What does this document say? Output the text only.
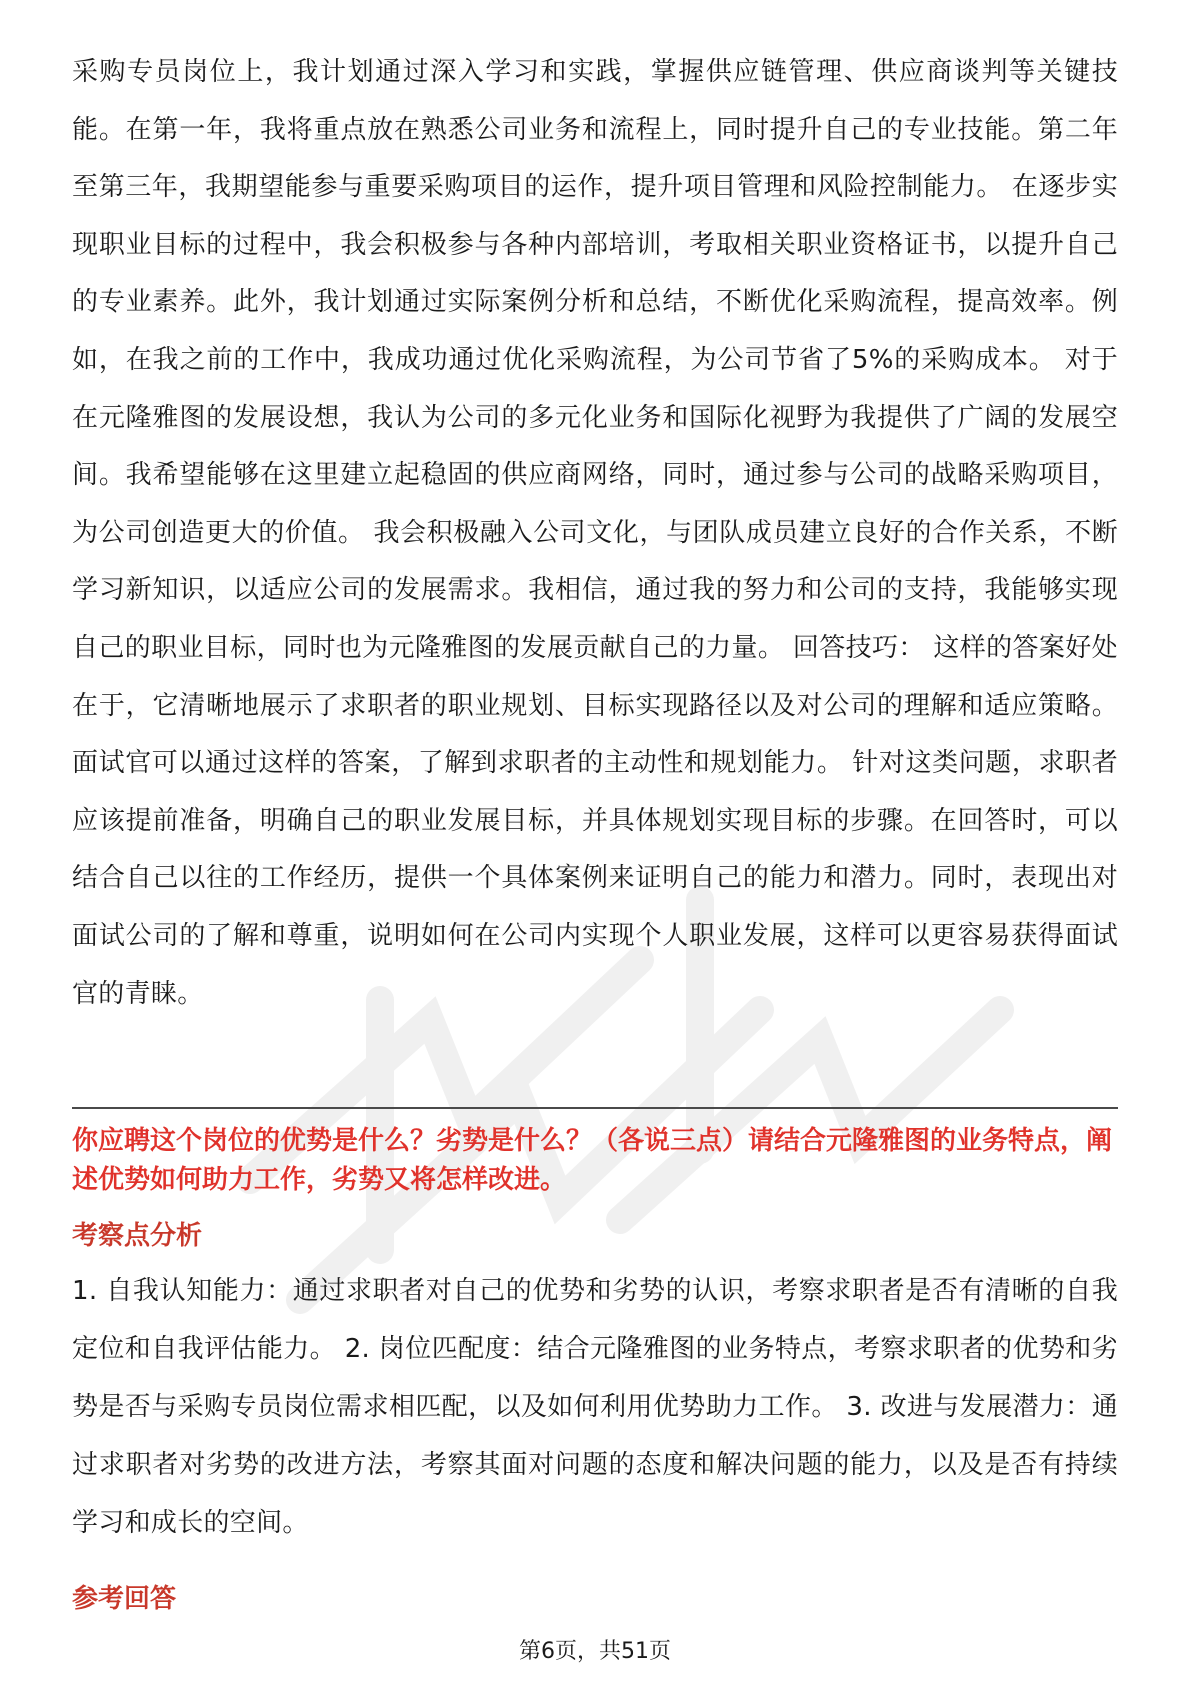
采购专员岗位上，我计划通过深入学习和实践，掌握供应链管理、供应商谈判等关键技能。在第一年，我将重点放在熟悉公司业务和流程上，同时提升自己的专业技能。第二年至第三年，我期望能参与重要采购项目的运作，提升项目管理和风险控制能力。 在逐步实现职业目标的过程中，我会积极参与各种内部培训，考取相关职业资格证书，以提升自己的专业素养。此外，我计划通过实际案例分析和总结，不断优化采购流程，提高效率。例如，在我之前的工作中，我成功通过优化采购流程，为公司节省了5%的采购成本。 对于在元隆雅图的发展设想，我认为公司的多元化业务和国际化视野为我提供了广阔的发展空间。我希望能够在这里建立起稳固的供应商网络，同时，通过参与公司的战略采购项目，为公司创造更大的价值。 我会积极融入公司文化，与团队成员建立良好的合作关系，不断学习新知识，以适应公司的发展需求。我相信，通过我的努力和公司的支持，我能够实现自己的职业目标，同时也为元隆雅图的发展贡献自己的力量。 回答技巧： 这样的答案好处在于，它清晰地展示了求职者的职业规划、目标实现路径以及对公司的理解和适应策略。面试官可以通过这样的答案，了解到求职者的主动性和规划能力。 针对这类问题，求职者应该提前准备，明确自己的职业发展目标，并具体规划实现目标的步骤。在回答时，可以结合自己以往的工作经历，提供一个具体案例来证明自己的能力和潜力。同时，表现出对面试公司的了解和尊重，说明如何在公司内实现个人职业发展，这样可以更容易获得面试官的青睐。

你应聘这个岗位的优势是什么？劣势是什么？（各说三点）请结合元隆雅图的业务特点，阐述优势如何助力工作，劣势又将怎样改进。

考察点分析

1. 自我认知能力：通过求职者对自己的优势和劣势的认识，考察求职者是否有清晰的自我定位和自我评估能力。 2. 岗位匹配度：结合元隆雅图的业务特点，考察求职者的优势和劣势是否与采购专员岗位需求相匹配，以及如何利用优势助力工作。 3. 改进与发展潜力：通过求职者对劣势的改进方法，考察其面对问题的态度和解决问题的能力，以及是否有持续学习和成长的空间。

参考回答

第6页，共51页
